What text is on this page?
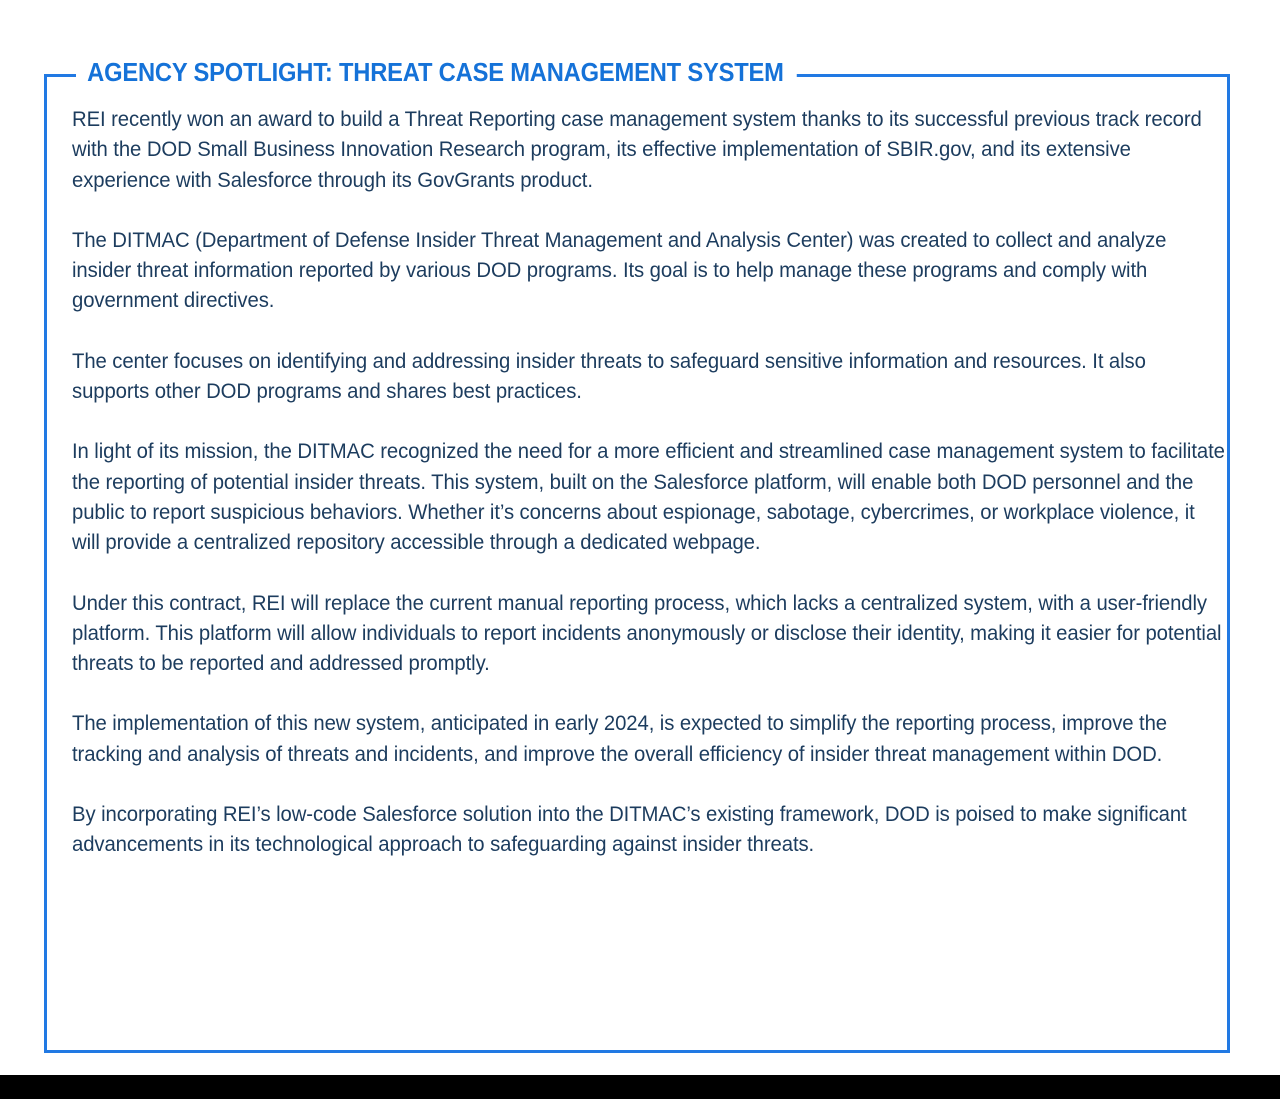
AGENCY SPOTLIGHT: THREAT CASE MANAGEMENT SYSTEM

REI recently won an award to build a Threat Reporting case management system thanks to its successful previous track record with the DOD Small Business Innovation Research program, its effective implementation of SBIR.gov, and its extensive experience with Salesforce through its GovGrants product.

The DITMAC (Department of Defense Insider Threat Management and Analysis Center) was created to collect and analyze insider threat information reported by various DOD programs. Its goal is to help manage these programs and comply with government directives.

The center focuses on identifying and addressing insider threats to safeguard sensitive information and resources. It also supports other DOD programs and shares best practices.

In light of its mission, the DITMAC recognized the need for a more efficient and streamlined case management system to facilitate the reporting of potential insider threats. This system, built on the Salesforce platform, will enable both DOD personnel and the public to report suspicious behaviors. Whether it’s concerns about espionage, sabotage, cybercrimes, or workplace violence, it will provide a centralized repository accessible through a dedicated webpage.

Under this contract, REI will replace the current manual reporting process, which lacks a centralized system, with a user-friendly platform. This platform will allow individuals to report incidents anonymously or disclose their identity, making it easier for potential threats to be reported and addressed promptly.

The implementation of this new system, anticipated in early 2024, is expected to simplify the reporting process, improve the tracking and analysis of threats and incidents, and improve the overall efficiency of insider threat management within DOD.

By incorporating REI’s low-code Salesforce solution into the DITMAC’s existing framework, DOD is poised to make significant advancements in its technological approach to safeguarding against insider threats.
